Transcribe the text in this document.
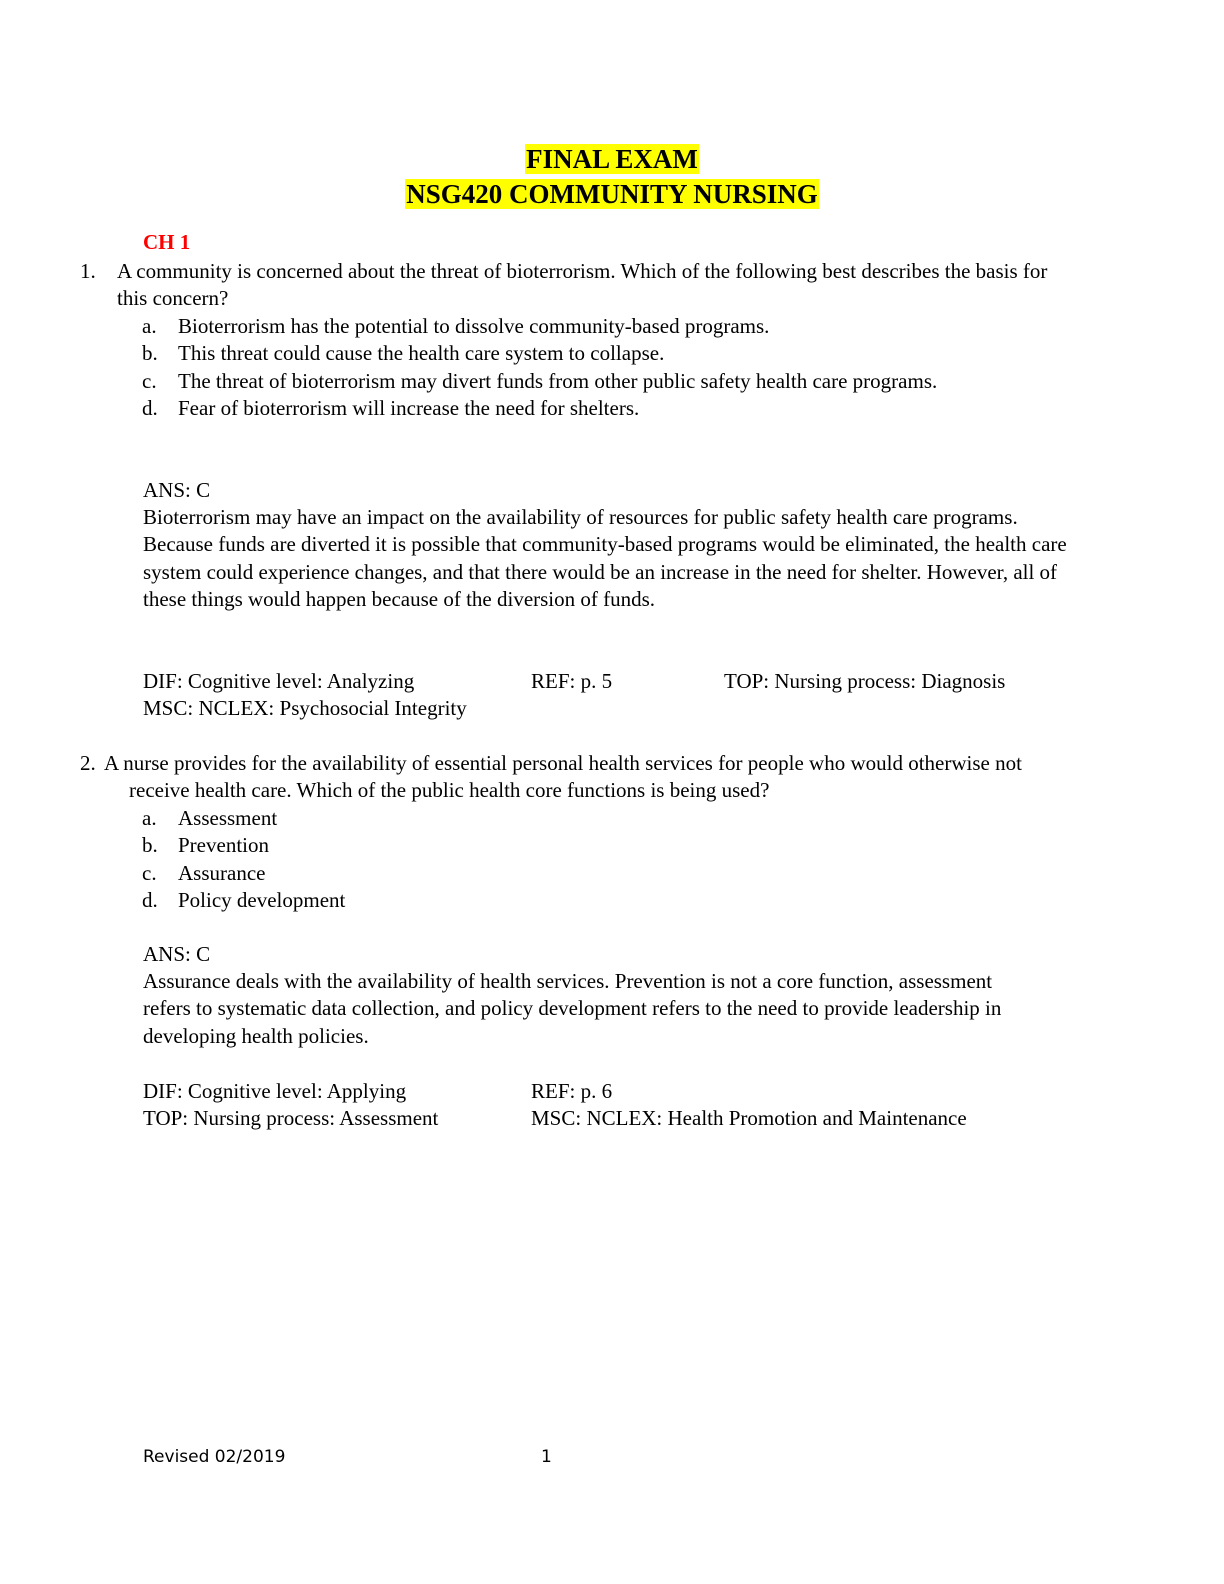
FINAL EXAM
NSG420 COMMUNITY NURSING
CH 1
1. A community is concerned about the threat of bioterrorism. Which of the following best describes the basis for this concern?
a. Bioterrorism has the potential to dissolve community-based programs.
b. This threat could cause the health care system to collapse.
c. The threat of bioterrorism may divert funds from other public safety health care programs.
d. Fear of bioterrorism will increase the need for shelters.
ANS: C
Bioterrorism may have an impact on the availability of resources for public safety health care programs. Because funds are diverted it is possible that community-based programs would be eliminated, the health care system could experience changes, and that there would be an increase in the need for shelter. However, all of these things would happen because of the diversion of funds.
DIF: Cognitive level: Analyzing	REF: p. 5	TOP: Nursing process: Diagnosis
MSC: NCLEX: Psychosocial Integrity
2. A nurse provides for the availability of essential personal health services for people who would otherwise not receive health care. Which of the public health core functions is being used?
a. Assessment
b. Prevention
c. Assurance
d. Policy development
ANS: C
Assurance deals with the availability of health services. Prevention is not a core function, assessment refers to systematic data collection, and policy development refers to the need to provide leadership in developing health policies.
DIF: Cognitive level: Applying	REF: p. 6
TOP: Nursing process: Assessment	MSC: NCLEX: Health Promotion and Maintenance
Revised 02/2019	1
